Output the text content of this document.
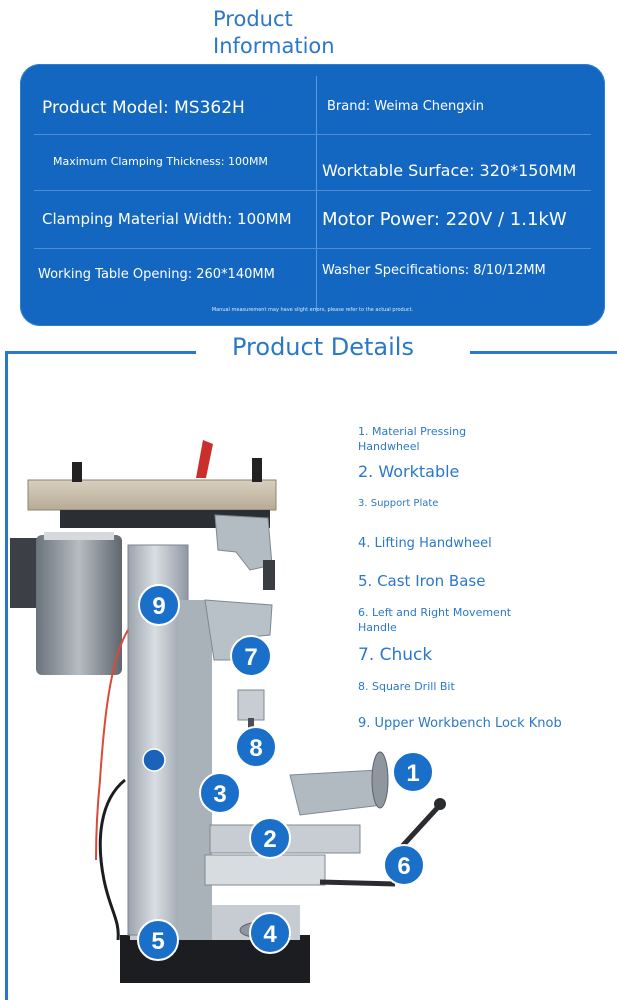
Product
Information
Product Model: MS362H	Brand: Weima Chengxin
Maximum Clamping Thickness: 100MM	Worktable Surface: 320*150MM
Clamping Material Width: 100MM Motor Power: 220V / 1.1kW
Working Table Opening: 260*140MM	Washer Specifications: 8/10/12MM
Manual measurement may have slight errors, please refer to the actual product.
Product Details
1. Material Pressing Handwheel
2. Worktable
3. Support Plate
4. Lifting Handwheel
5. Cast Iron Base
6. Left and Right Movement Handle
7. Chuck
8. Square Drill Bit
9. Upper Workbench Lock Knob
1
2
3
4
5
6
7
8
9
